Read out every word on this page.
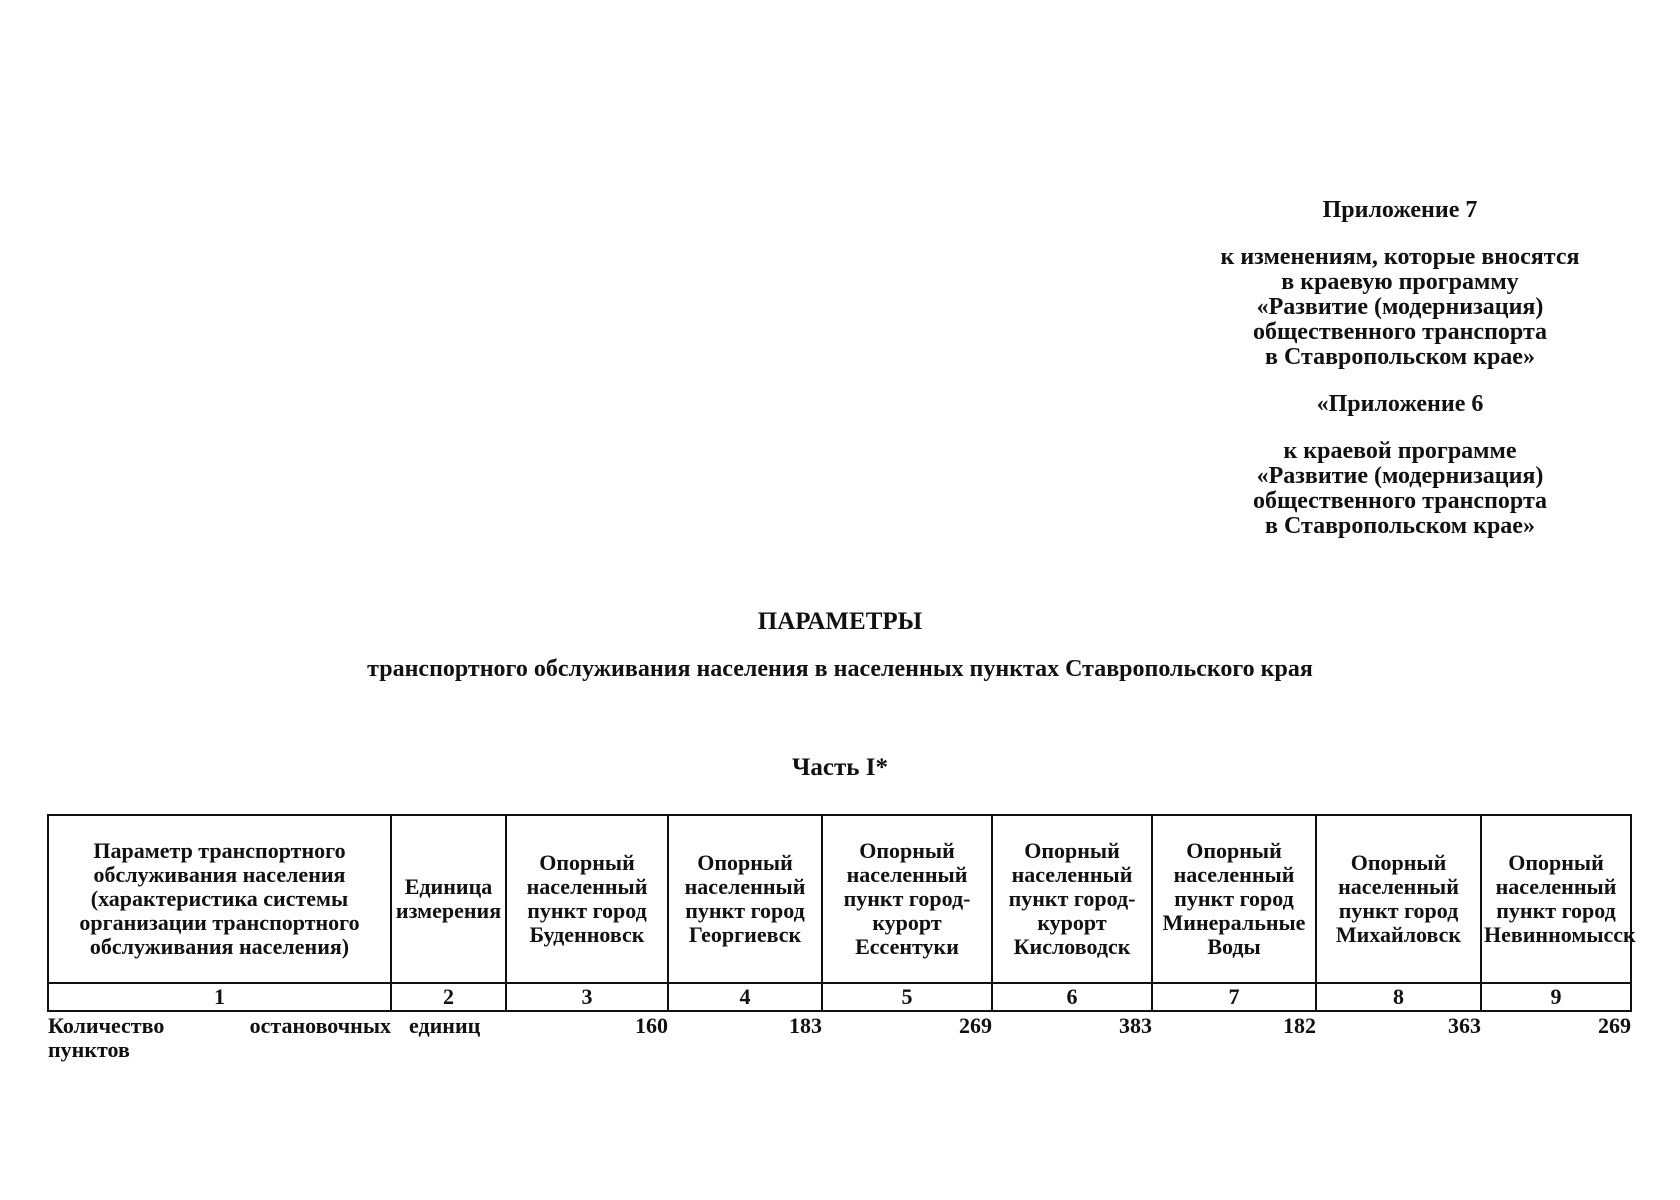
Приложение 7
к изменениям, которые вносятся
в краевую программу
«Развитие (модернизация)
общественного транспорта
в Ставропольском крае»
«Приложение 6
к краевой программе
«Развитие (модернизация)
общественного транспорта
в Ставропольском крае»
ПАРАМЕТРЫ
транспортного обслуживания населения в населенных пунктах Ставропольского края
Часть I*
Параметр транспортного обслуживания населения (характеристика системы организации транспортного обслуживания населения)	Единица измерения	Опорный населенный пункт город Буденновск	Опорный населенный пункт город Георгиевск	Опорный населенный пункт город-курорт Ессентуки	Опорный населенный пункт город-курорт Кисловодск	Опорный населенный пункт город Минеральные Воды	Опорный населенный пункт город Михайловск	Опорный населенный пункт город Невинномысск
1	2	3	4	5	6	7	8	9
Количество остановочных пунктов	единиц	160	183	269	383	182	363	269
